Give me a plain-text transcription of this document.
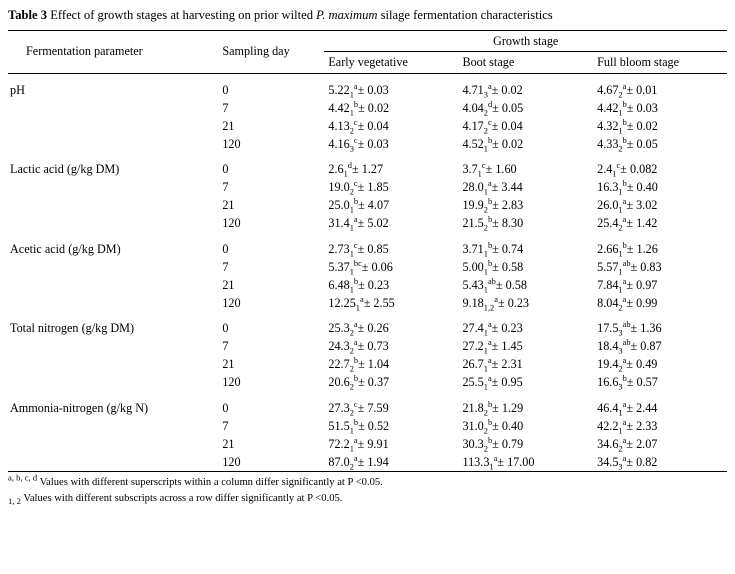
Table 3 Effect of growth stages at harvesting on prior wilted P. maximum silage fermentation characteristics
Fermentation parameter	Sampling day	Growth stage		
		Early vegetative	Boot stage	Full bloom stage
pH	0	$5.22_1^a\pm 0.03$	$4.71_3^a\pm 0.02$	$4.67_2^a\pm 0.01$
	7	$4.42_1^b\pm 0.02$	$4.04_2^d\pm 0.05$	$4.42_1^b\pm 0.03$
	21	$4.13_2^c\pm 0.04$	$4.17_2^c\pm 0.04$	$4.32_1^b\pm 0.02$
	120	$4.16_3^c\pm 0.03$	$4.52_1^b\pm 0.02$	$4.33_2^b\pm 0.05$
Lactic acid (g/kg DM)	0	$2.6_1^d\pm 1.27$	$3.7_1^c\pm 1.60$	$2.4_1^c\pm 0.082$
	7	$19.0_2^c\pm 1.85$	$28.0_1^a\pm 3.44$	$16.3_1^b\pm 0.40$
	21	$25.0_1^b\pm 4.07$	$19.9_2^b\pm 2.83$	$26.0_1^a\pm 3.02$
	120	$31.4_1^a\pm 5.02$	$21.5_2^b\pm 8.30$	$25.4_2^a\pm 1.42$
Acetic acid (g/kg DM)	0	$2.73_1^c\pm 0.85$	$3.71_1^b\pm 0.74$	$2.66_1^b\pm 1.26$
	7	$5.37_1^{bc}\pm 0.06$	$5.00_1^b\pm 0.58$	$5.57_1^{ab}\pm 0.83$
	21	$6.48_1^b\pm 0.23$	$5.43_1^{ab}\pm 0.58$	$7.84_1^a\pm 0.97$
	120	$12.25_1^a\pm 2.55$	$9.18_{1,2}^a\pm 0.23$	$8.04_2^a\pm 0.99$
Total nitrogen (g/kg DM)	0	$25.3_2^a\pm 0.26$	$27.4_1^a\pm 0.23$	$17.5_3^{ab}\pm 1.36$
	7	$24.3_2^a\pm 0.73$	$27.2_1^a\pm 1.45$	$18.4_3^{ab}\pm 0.87$
	21	$22.7_2^b\pm 1.04$	$26.7_1^a\pm 2.31$	$19.4_2^a\pm 0.49$
	120	$20.6_2^b\pm 0.37$	$25.5_1^a\pm 0.95$	$16.6_3^b\pm 0.57$
Ammonia-nitrogen (g/kg N)	0	$27.3_2^c\pm 7.59$	$21.8_2^b\pm 1.29$	$46.4_1^a\pm 2.44$
	7	$51.5_1^b\pm 0.52$	$31.0_2^b\pm 0.40$	$42.2_1^a\pm 2.33$
	21	$72.2_1^a\pm 9.91$	$30.3_2^b\pm 0.79$	$34.6_2^a\pm 2.07$
	120	$87.0_2^a\pm 1.94$	$113.3_1^a\pm 17.00$	$34.5_3^a\pm 0.82$
$^{a, b, c, d}$ Values with different superscripts within a column differ significantly at P <0.05.
$_{1, 2}$ Values with different subscripts across a row differ significantly at P <0.05.
